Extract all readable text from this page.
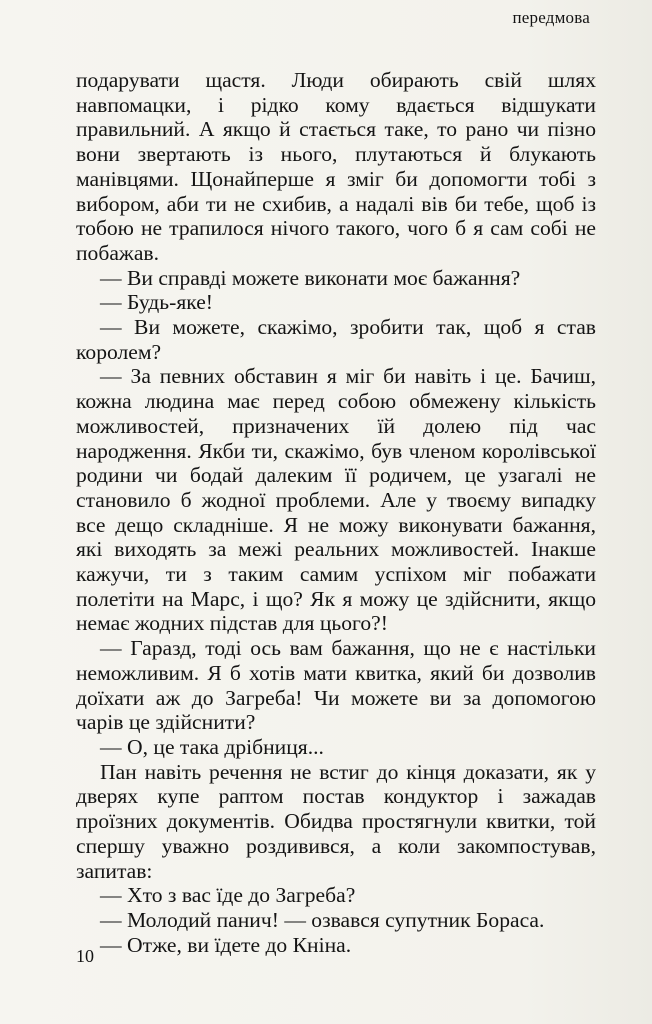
передмова

подарувати щастя. Люди обирають свій шлях навпомацки, і рідко кому вдається відшукати правильний. А якщо й стається таке, то рано чи пізно вони звертають із нього, плутаються й блукають манівцями. Щонайперше я зміг би допомогти тобі з вибором, аби ти не схибив, а надалі вів би тебе, щоб із тобою не трапилося нічого такого, чого б я сам собі не побажав.

— Ви справді можете виконати моє бажання?

— Будь-яке!

— Ви можете, скажімо, зробити так, щоб я став королем?

— За певних обставин я міг би навіть і це. Бачиш, кожна людина має перед собою обмежену кількість можливостей, призначених їй долею під час народження. Якби ти, скажімо, був членом королівської родини чи бодай далеким її родичем, це узагалі не становило б жодної проблеми. Але у твоєму випадку все дещо складніше. Я не можу виконувати бажання, які виходять за межі реальних можливостей. Інакше кажучи, ти з таким самим успіхом міг побажати полетіти на Марс, і що? Як я можу це здійснити, якщо немає жодних підстав для цього?!

— Гаразд, тоді ось вам бажання, що не є настільки неможливим. Я б хотів мати квитка, який би дозволив доїхати аж до Загреба! Чи можете ви за допомогою чарів це здійснити?

— О, це така дрібниця...

Пан навіть речення не встиг до кінця доказати, як у дверях купе раптом постав кондуктор і зажадав проїзних документів. Обидва простягнули квитки, той спершу уважно роздивився, а коли закомпостував, запитав:

— Хто з вас їде до Загреба?

— Молодий панич! — озвався супутник Бораса.

— Отже, ви їдете до Кніна.

10
